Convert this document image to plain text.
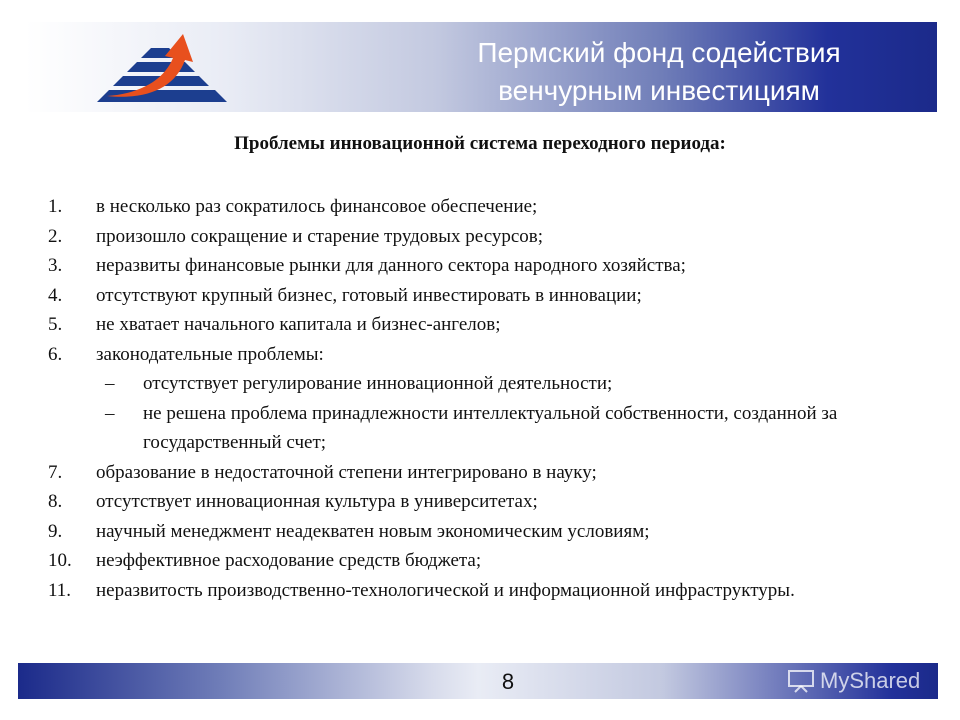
Пермский фонд содействия
венчурным инвестициям
Проблемы инновационной система переходного периода:
1.	в несколько раз сократилось финансовое обеспечение;
2.	произошло сокращение и старение трудовых ресурсов;
3.	неразвиты финансовые рынки для данного сектора народного хозяйства;
4.	отсутствуют крупный бизнес, готовый инвестировать в инновации;
5.	не хватает начального капитала и бизнес-ангелов;
6.	законодательные проблемы:
–	отсутствует регулирование инновационной деятельности;
–	не решена проблема принадлежности интеллектуальной собственности, созданной за государственный счет;
7.	образование в недостаточной степени интегрировано в науку;
8.	отсутствует инновационная культура в университетах;
9.	научный менеджмент неадекватен новым экономическим условиям;
10.	неэффективное расходование средств бюджета;
11.	неразвитость производственно-технологической и информационной инфраструктуры.
8	MyShared
